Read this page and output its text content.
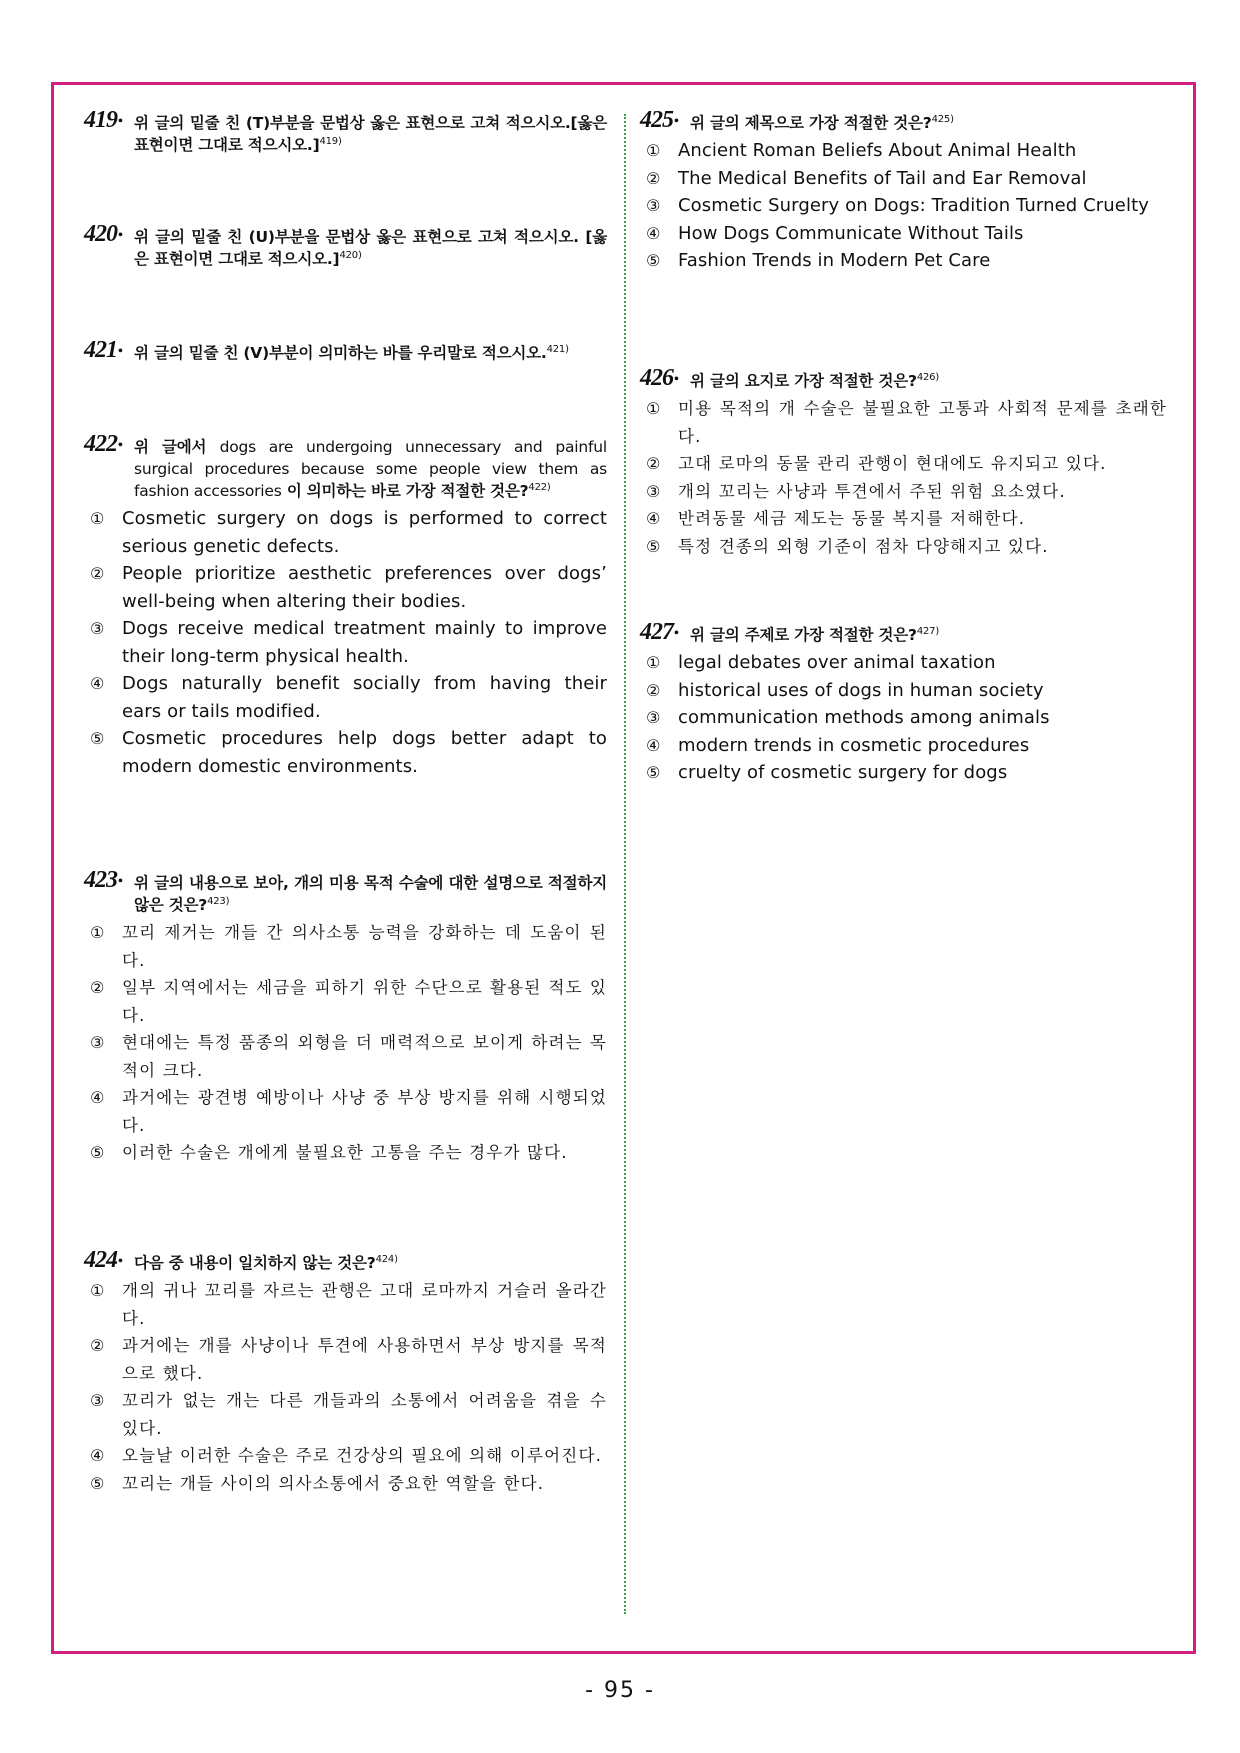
419 •	위 글의 밑줄 친 (T)부분을 문법상 옳은 표현으로 고쳐 적으시오.[옳은 표현이면 그대로 적으시오.]$^{419)}$
420 •	위 글의 밑줄 친 (U)부분을 문법상 옳은 표현으로 고쳐 적으시오. [옳은 표현이면 그대로 적으시오.]$^{420)}$
421 •	위 글의 밑줄 친 (V)부분이 의미하는 바를 우리말로 적으시오.$^{421)}$
422 •	위 글에서 dogs are undergoing unnecessary and painful surgical procedures because some people view them as fashion accessories 이 의미하는 바로 가장 적절한 것은?$^{422)}$
① Cosmetic surgery on dogs is performed to correct serious genetic defects.
② People prioritize aesthetic preferences over dogs’ well-being when altering their bodies.
③ Dogs receive medical treatment mainly to improve their long-term physical health.
④ Dogs naturally benefit socially from having their ears or tails modified.
⑤ Cosmetic procedures help dogs better adapt to modern domestic environments.
423 •	위 글의 내용으로 보아, 개의 미용 목적 수술에 대한 설명으로 적절하지 않은 것은?$^{423)}$
① 꼬리 제거는 개들 간 의사소통 능력을 강화하는 데 도움이 된다.
② 일부 지역에서는 세금을 피하기 위한 수단으로 활용된 적도 있다.
③ 현대에는 특정 품종의 외형을 더 매력적으로 보이게 하려는 목적이 크다.
④ 과거에는 광견병 예방이나 사냥 중 부상 방지를 위해 시행되었다.
⑤ 이러한 수술은 개에게 불필요한 고통을 주는 경우가 많다.
424 •	다음 중 내용이 일치하지 않는 것은?$^{424)}$
① 개의 귀나 꼬리를 자르는 관행은 고대 로마까지 거슬러 올라간다.
② 과거에는 개를 사냥이나 투견에 사용하면서 부상 방지를 목적으로 했다.
③ 꼬리가 없는 개는 다른 개들과의 소통에서 어려움을 겪을 수 있다.
④ 오늘날 이러한 수술은 주로 건강상의 필요에 의해 이루어진다.
⑤ 꼬리는 개들 사이의 의사소통에서 중요한 역할을 한다.
425 •	위 글의 제목으로 가장 적절한 것은?$^{425)}$
① Ancient Roman Beliefs About Animal Health
② The Medical Benefits of Tail and Ear Removal
③ Cosmetic Surgery on Dogs: Tradition Turned Cruelty
④ How Dogs Communicate Without Tails
⑤ Fashion Trends in Modern Pet Care
426 •	위 글의 요지로 가장 적절한 것은?$^{426)}$
① 미용 목적의 개 수술은 불필요한 고통과 사회적 문제를 초래한다.
② 고대 로마의 동물 관리 관행이 현대에도 유지되고 있다.
③ 개의 꼬리는 사냥과 투견에서 주된 위험 요소였다.
④ 반려동물 세금 제도는 동물 복지를 저해한다.
⑤ 특정 견종의 외형 기준이 점차 다양해지고 있다.
427 •	위 글의 주제로 가장 적절한 것은?$^{427)}$
① legal debates over animal taxation
② historical uses of dogs in human society
③ communication methods among animals
④ modern trends in cosmetic procedures
⑤ cruelty of cosmetic surgery for dogs
- 95 -
